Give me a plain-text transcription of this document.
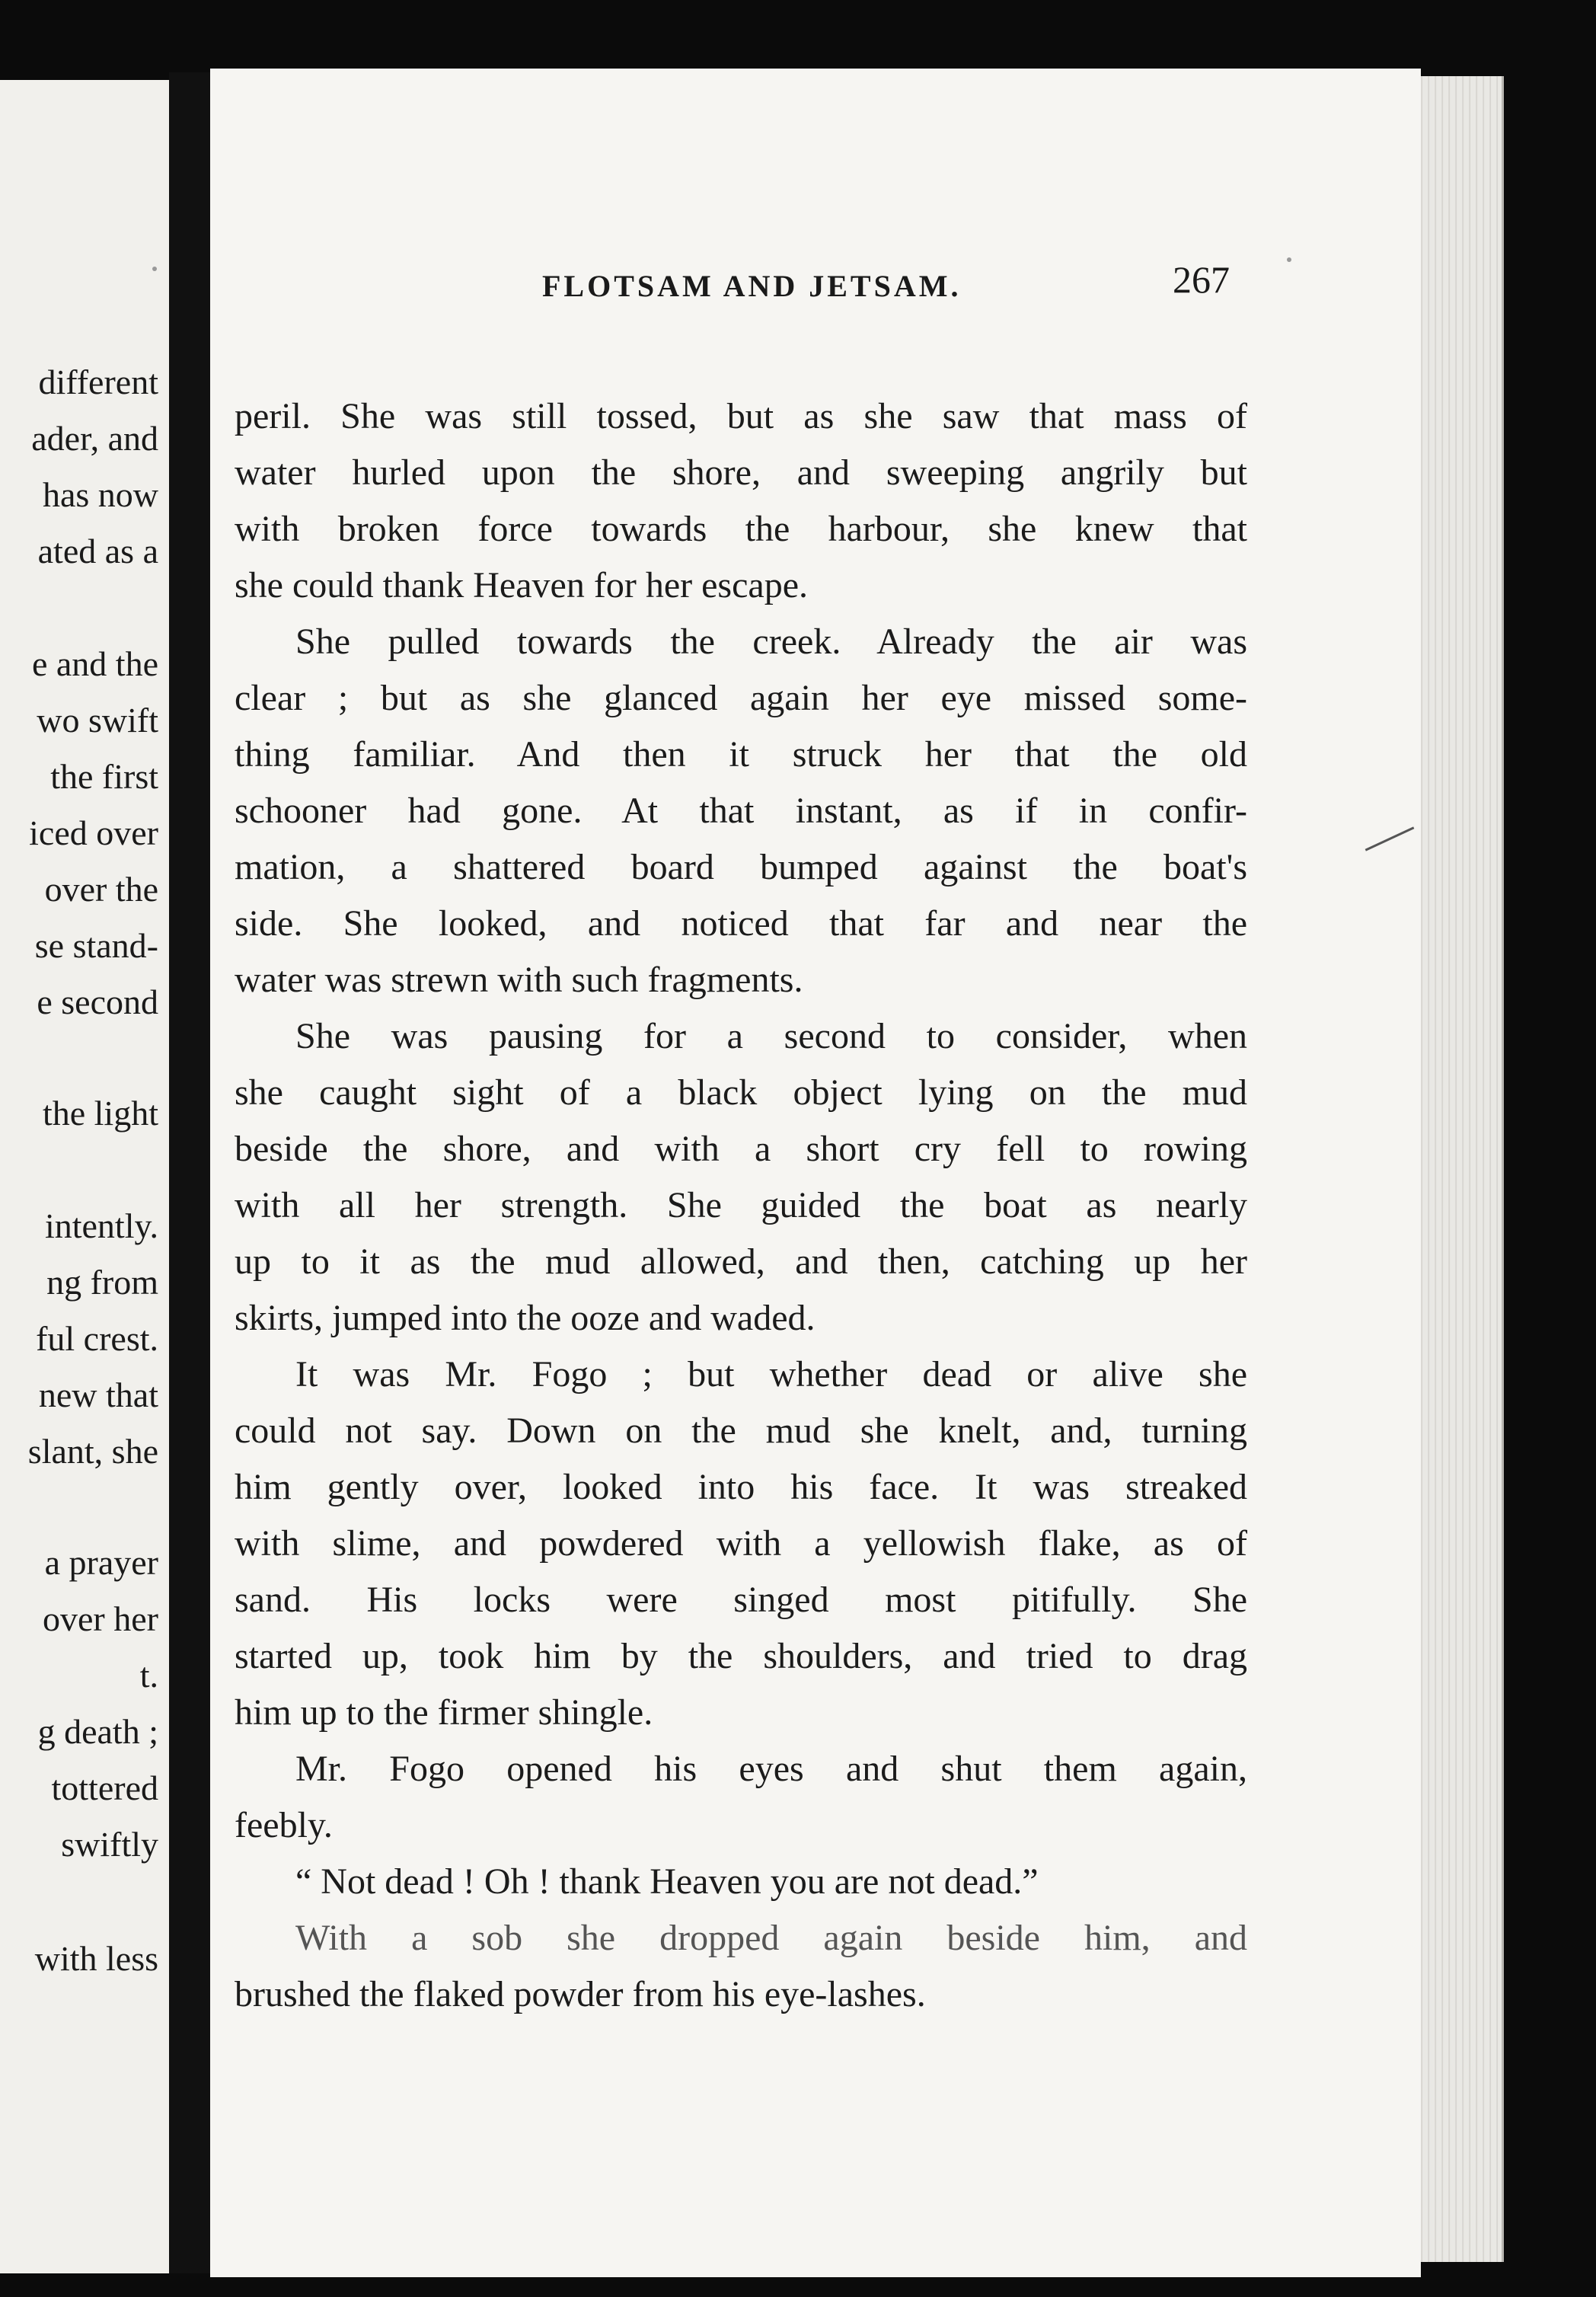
different

ader, and

has now

ated as a

e and the

wo swift

the first

iced over

over the

se stand-

e second

the light

intently.

ng from

ful crest.

new that

slant, she

a prayer

over her

t.

g death ;

tottered

swiftly

with less

FLOTSAM AND JETSAM.	267

peril. She was still tossed, but as she saw that mass of

water hurled upon the shore, and sweeping angrily but

with broken force towards the harbour, she knew that

she could thank Heaven for her escape.

She pulled towards the creek. Already the air was

clear ; but as she glanced again her eye missed some-

thing familiar. And then it struck her that the old

schooner had gone. At that instant, as if in confir-

mation, a shattered board bumped against the boat's

side. She looked, and noticed that far and near the

water was strewn with such fragments.

She was pausing for a second to consider, when

she caught sight of a black object lying on the mud

beside the shore, and with a short cry fell to rowing

with all her strength. She guided the boat as nearly

up to it as the mud allowed, and then, catching up her

skirts, jumped into the ooze and waded.

It was Mr. Fogo ; but whether dead or alive she

could not say. Down on the mud she knelt, and, turning

him gently over, looked into his face. It was streaked

with slime, and powdered with a yellowish flake, as of

sand. His locks were singed most pitifully. She

started up, took him by the shoulders, and tried to drag

him up to the firmer shingle.

Mr. Fogo opened his eyes and shut them again,

feebly.

“ Not dead ! Oh ! thank Heaven you are not dead.”

With a sob she dropped again beside him, and

brushed the flaked powder from his eye-lashes.
